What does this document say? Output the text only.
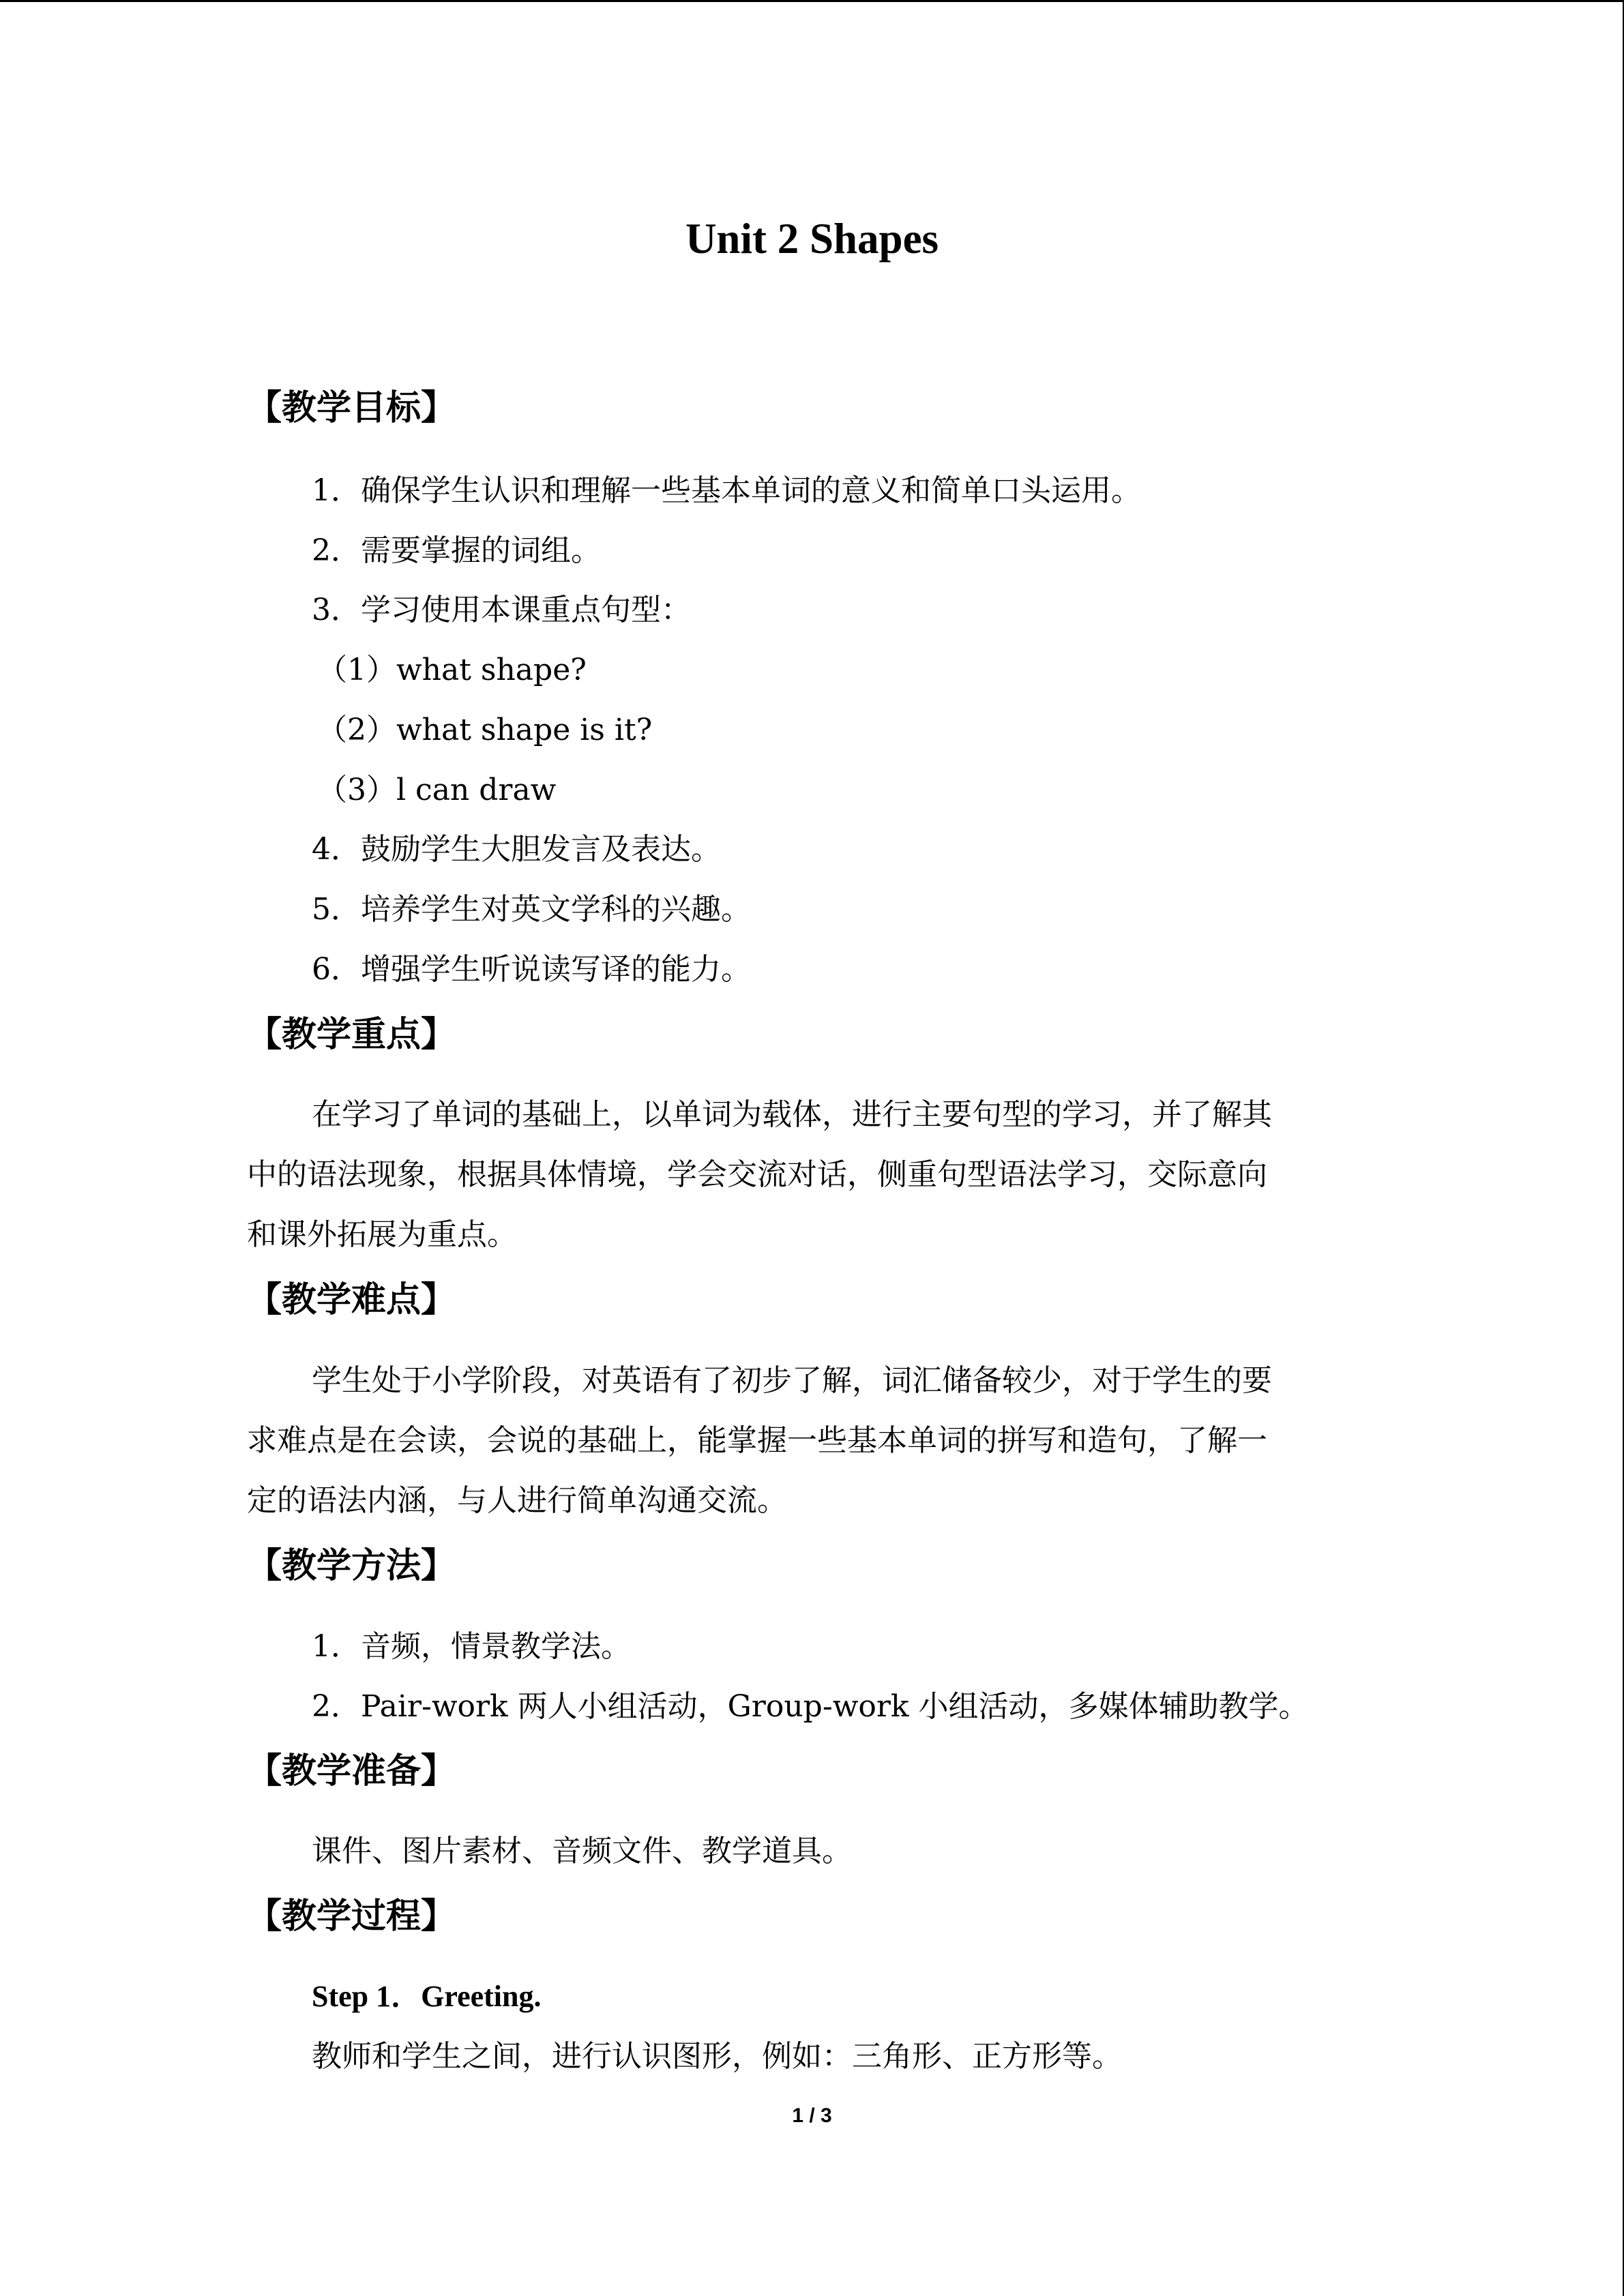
Unit 2 Shapes
【教学目标】
1．确保学生认识和理解一些基本单词的意义和简单口头运用。
2．需要掌握的词组。
3．学习使用本课重点句型：
（1）what shape?
（2）what shape is it?
（3）l can draw
4．鼓励学生大胆发言及表达。
5．培养学生对英文学科的兴趣。
6．增强学生听说读写译的能力。
【教学重点】
在学习了单词的基础上，以单词为载体，进行主要句型的学习，并了解其
中的语法现象，根据具体情境，学会交流对话，侧重句型语法学习，交际意向
和课外拓展为重点。
【教学难点】
学生处于小学阶段，对英语有了初步了解，词汇储备较少，对于学生的要
求难点是在会读，会说的基础上，能掌握一些基本单词的拼写和造句，了解一
定的语法内涵，与人进行简单沟通交流。
【教学方法】
1．音频，情景教学法。
2．Pair-work 两人小组活动，Group-work 小组活动，多媒体辅助教学。
【教学准备】
课件、图片素材、音频文件、教学道具。
【教学过程】
Step 1．Greeting.
教师和学生之间，进行认识图形，例如：三角形、正方形等。
1 / 3
